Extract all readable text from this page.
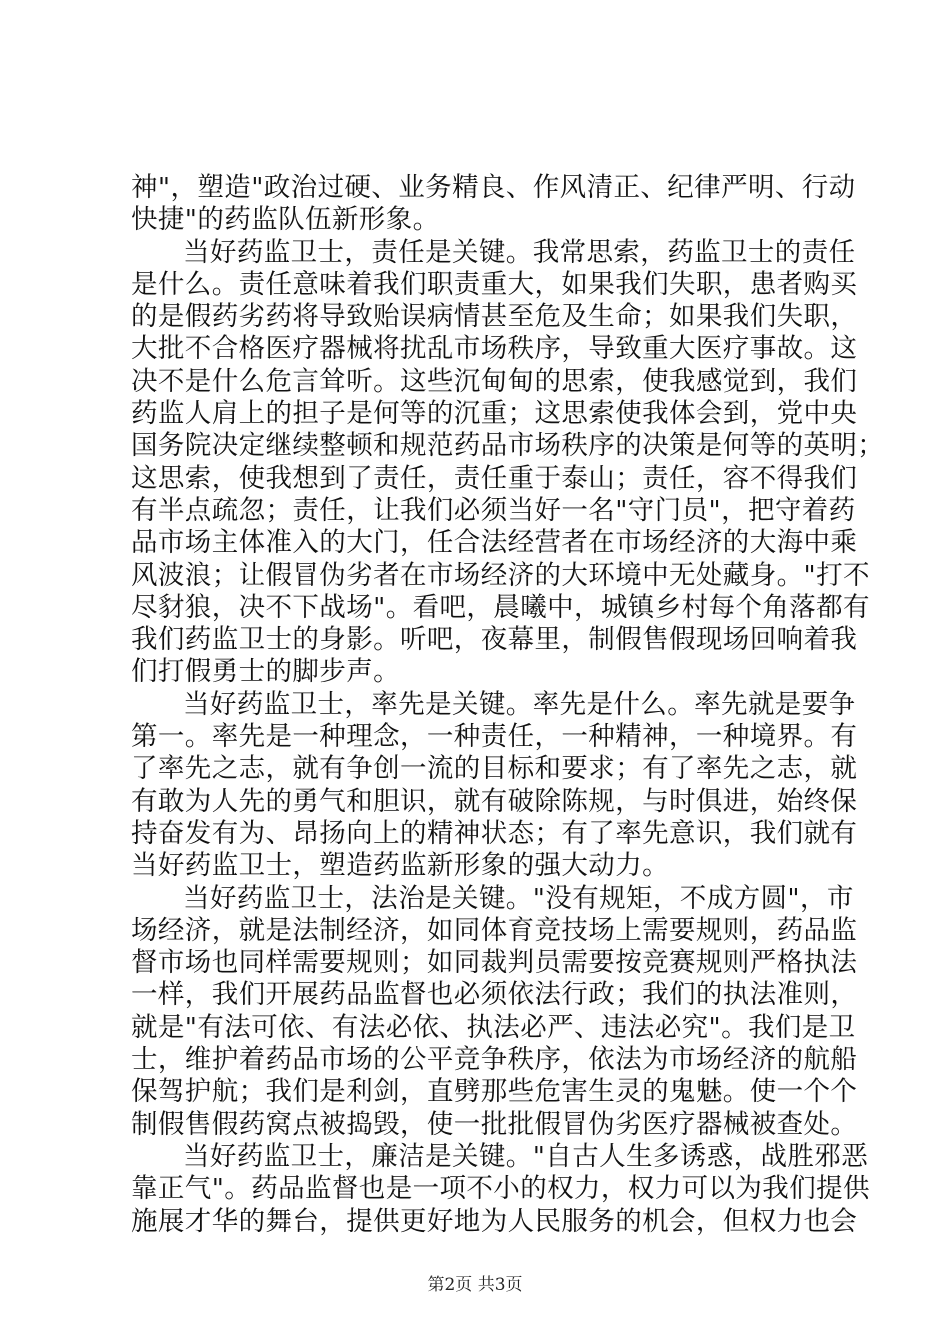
神"，塑造"政治过硬、业务精良、作风清正、纪律严明、行动
快捷"的药监队伍新形象。
当好药监卫士，责任是关键。我常思索，药监卫士的责任
是什么。责任意味着我们职责重大，如果我们失职，患者购买
的是假药劣药将导致贻误病情甚至危及生命；如果我们失职，
大批不合格医疗器械将扰乱市场秩序，导致重大医疗事故。这
决不是什么危言耸听。这些沉甸甸的思索，使我感觉到，我们
药监人肩上的担子是何等的沉重；这思索使我体会到，党中央
国务院决定继续整顿和规范药品市场秩序的决策是何等的英明；
这思索，使我想到了责任，责任重于泰山；责任，容不得我们
有半点疏忽；责任，让我们必须当好一名"守门员"，把守着药
品市场主体准入的大门，任合法经营者在市场经济的大海中乘
风波浪；让假冒伪劣者在市场经济的大环境中无处藏身。"打不
尽豺狼，决不下战场"。看吧，晨曦中，城镇乡村每个角落都有
我们药监卫士的身影。听吧，夜幕里，制假售假现场回响着我
们打假勇士的脚步声。
当好药监卫士，率先是关键。率先是什么。率先就是要争
第一。率先是一种理念，一种责任，一种精神，一种境界。有
了率先之志，就有争创一流的目标和要求；有了率先之志，就
有敢为人先的勇气和胆识，就有破除陈规，与时俱进，始终保
持奋发有为、昂扬向上的精神状态；有了率先意识，我们就有
当好药监卫士，塑造药监新形象的强大动力。
当好药监卫士，法治是关键。"没有规矩，不成方圆"，市
场经济，就是法制经济，如同体育竞技场上需要规则，药品监
督市场也同样需要规则；如同裁判员需要按竞赛规则严格执法
一样，我们开展药品监督也必须依法行政；我们的执法准则，
就是"有法可依、有法必依、执法必严、违法必究"。我们是卫
士，维护着药品市场的公平竞争秩序，依法为市场经济的航船
保驾护航；我们是利剑，直劈那些危害生灵的鬼魅。使一个个
制假售假药窝点被捣毁，使一批批假冒伪劣医疗器械被查处。
当好药监卫士，廉洁是关键。"自古人生多诱惑，战胜邪恶
靠正气"。药品监督也是一项不小的权力，权力可以为我们提供
施展才华的舞台，提供更好地为人民服务的机会，但权力也会
第2页 共3页
